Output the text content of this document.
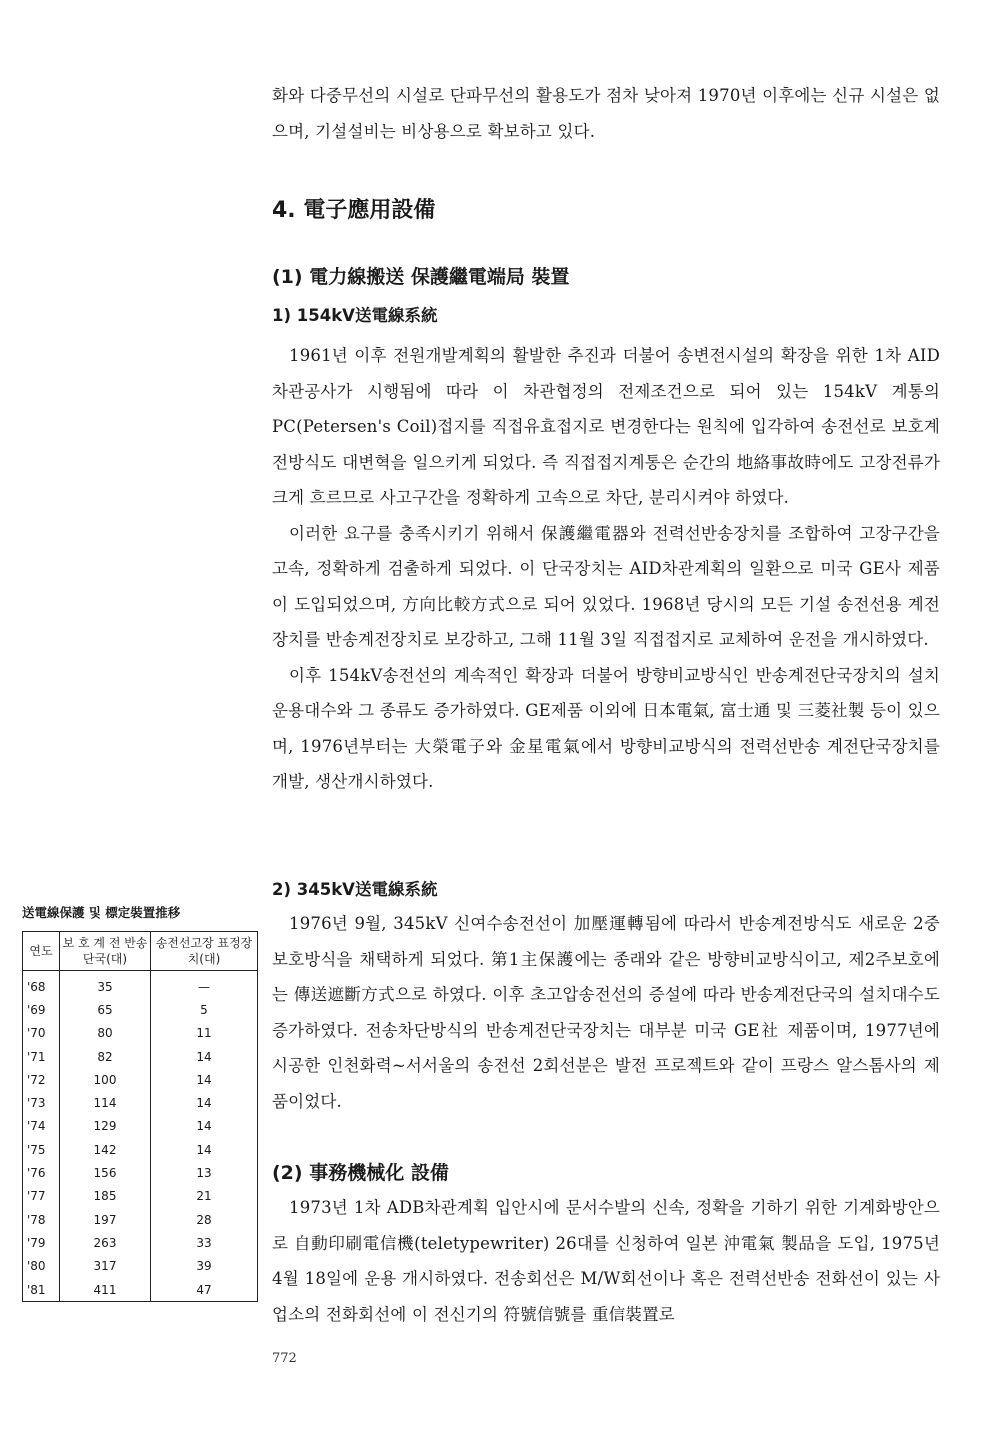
화와 다중무선의 시설로 단파무선의 활용도가 점차 낮아져 1970년 이후에는 신규 시설은 없으며, 기설설비는 비상용으로 확보하고 있다.

4. 電子應用設備
(1) 電力線搬送 保護繼電端局 裝置
1) 154kV送電線系統

1961년 이후 전원개발계획의 활발한 추진과 더불어 송변전시설의 확장을 위한 1차 AID차관공사가 시행됨에 따라 이 차관협정의 전제조건으로 되어 있는 154kV 계통의 PC(Petersen's Coil)접지를 직접유효접지로 변경한다는 원칙에 입각하여 송전선로 보호계전방식도 대변혁을 일으키게 되었다. 즉 직접접지계통은 순간의 地絡事故時에도 고장전류가 크게 흐르므로 사고구간을 정확하게 고속으로 차단, 분리시켜야 하였다.

이러한 요구를 충족시키기 위해서 保護繼電器와 전력선반송장치를 조합하여 고장구간을 고속, 정확하게 검출하게 되었다. 이 단국장치는 AID차관계획의 일환으로 미국 GE사 제품이 도입되었으며, 方向比較方式으로 되어 있었다. 1968년 당시의 모든 기설 송전선용 계전장치를 반송계전장치로 보강하고, 그해 11월 3일 직접접지로 교체하여 운전을 개시하였다.

이후 154kV송전선의 계속적인 확장과 더불어 방향비교방식인 반송계전단국장치의 설치운용대수와 그 종류도 증가하였다. GE제품 이외에 日本電氣, 富士通 및 三菱社製 등이 있으며, 1976년부터는 大榮電子와 金星電氣에서 방향비교방식의 전력선반송 계전단국장치를 개발, 생산개시하였다.

2) 345kV送電線系統

1976년 9월, 345kV 신여수송전선이 加壓運轉됨에 따라서 반송계전방식도 새로운 2중보호방식을 채택하게 되었다. 第1主保護에는 종래와 같은 방향비교방식이고, 제2주보호에는 傳送遮斷方式으로 하였다. 이후 초고압송전선의 증설에 따라 반송계전단국의 설치대수도 증가하였다. 전송차단방식의 반송계전단국장치는 대부분 미국 GE社 제품이며, 1977년에 시공한 인천화력~서서울의 송전선 2회선분은 발전 프로젝트와 같이 프랑스 알스톰사의 제품이었다.

(2) 事務機械化 設備

1973년 1차 ADB차관계획 입안시에 문서수발의 신속, 정확을 기하기 위한 기계화방안으로 自動印刷電信機(teletypewriter) 26대를 신청하여 일본 沖電氣 製品을 도입, 1975년 4월 18일에 운용 개시하였다. 전송회선은 M/W회선이나 혹은 전력선반송 전화선이 있는 사업소의 전화회선에 이 전신기의 符號信號를 重信裝置로

772
送電線保護 및 標定裝置推移
연도	보 호 계 전 반송단국(대)	송전선고장 표정장치(대)
'68	35	—
'69	65	5
'70	80	11
'71	82	14
'72	100	14
'73	114	14
'74	129	14
'75	142	14
'76	156	13
'77	185	21
'78	197	28
'79	263	33
'80	317	39
'81	411	47
